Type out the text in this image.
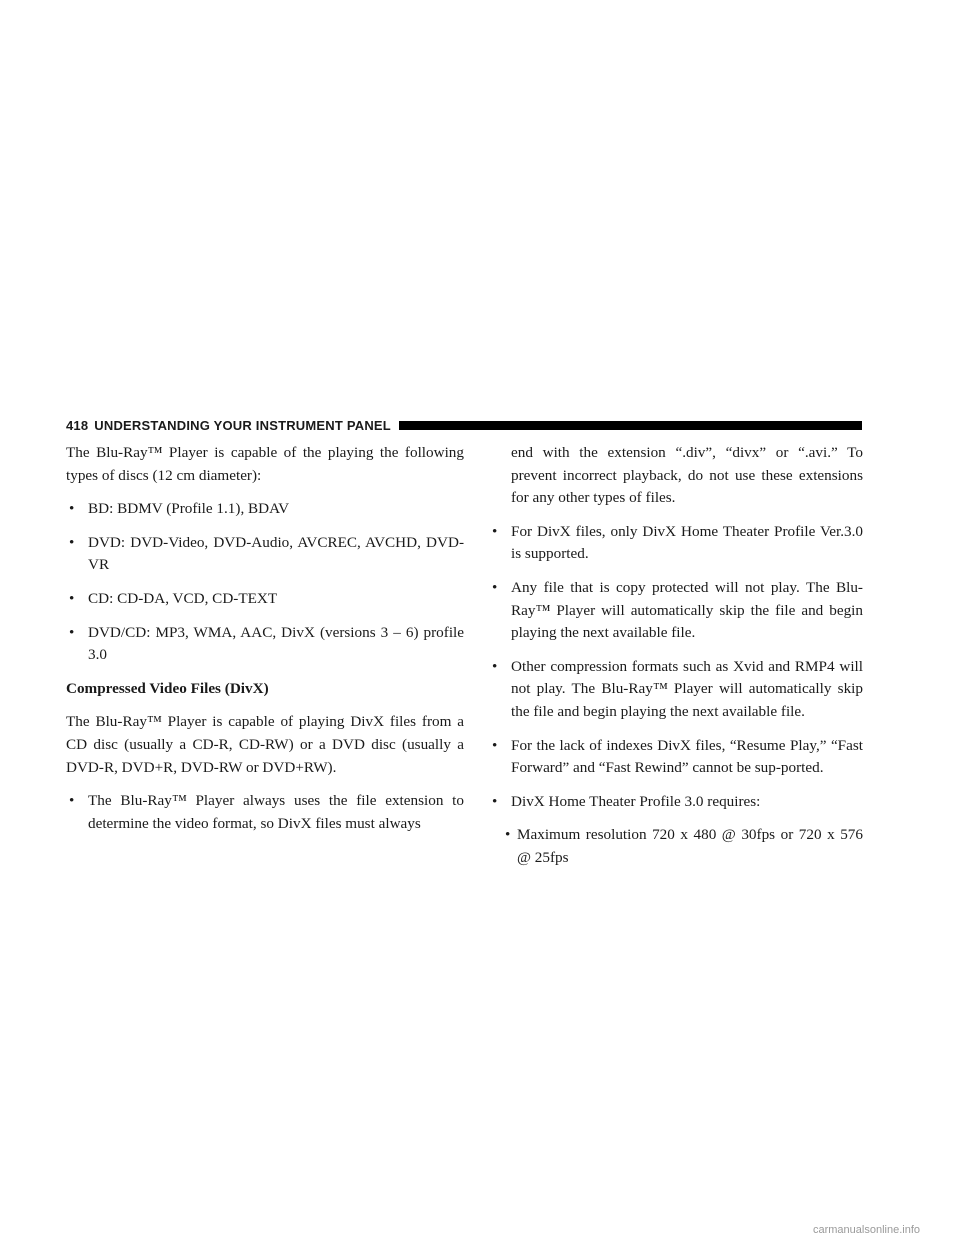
418 UNDERSTANDING YOUR INSTRUMENT PANEL

The Blu-Ray™ Player is capable of the playing the following types of discs (12 cm diameter):

• BD: BDMV (Profile 1.1), BDAV
• DVD: DVD-Video, DVD-Audio, AVCREC, AVCHD, DVD-VR
• CD: CD-DA, VCD, CD-TEXT
• DVD/CD: MP3, WMA, AAC, DivX (versions 3 – 6) profile 3.0
Compressed Video Files (DivX)

The Blu-Ray™ Player is capable of playing DivX files from a CD disc (usually a CD-R, CD-RW) or a DVD disc (usually a DVD-R, DVD+R, DVD-RW or DVD+RW).

• The Blu-Ray™ Player always uses the file extension to determine the video format, so DivX files must always
end with the extension “.div”, “divx” or “.avi.” To prevent incorrect playback, do not use these extensions for any other types of files.
• For DivX files, only DivX Home Theater Profile Ver.3.0 is supported.
• Any file that is copy protected will not play. The Blu-Ray™ Player will automatically skip the file and begin playing the next available file.
• Other compression formats such as Xvid and RMP4 will not play. The Blu-Ray™ Player will automatically skip the file and begin playing the next available file.
• For the lack of indexes DivX files, “Resume Play,” “Fast Forward” and “Fast Rewind” cannot be sup-ported.
• DivX Home Theater Profile 3.0 requires:
• Maximum resolution 720 x 480 @ 30fps or 720 x 576 @ 25fps
carmanualsonline.info
